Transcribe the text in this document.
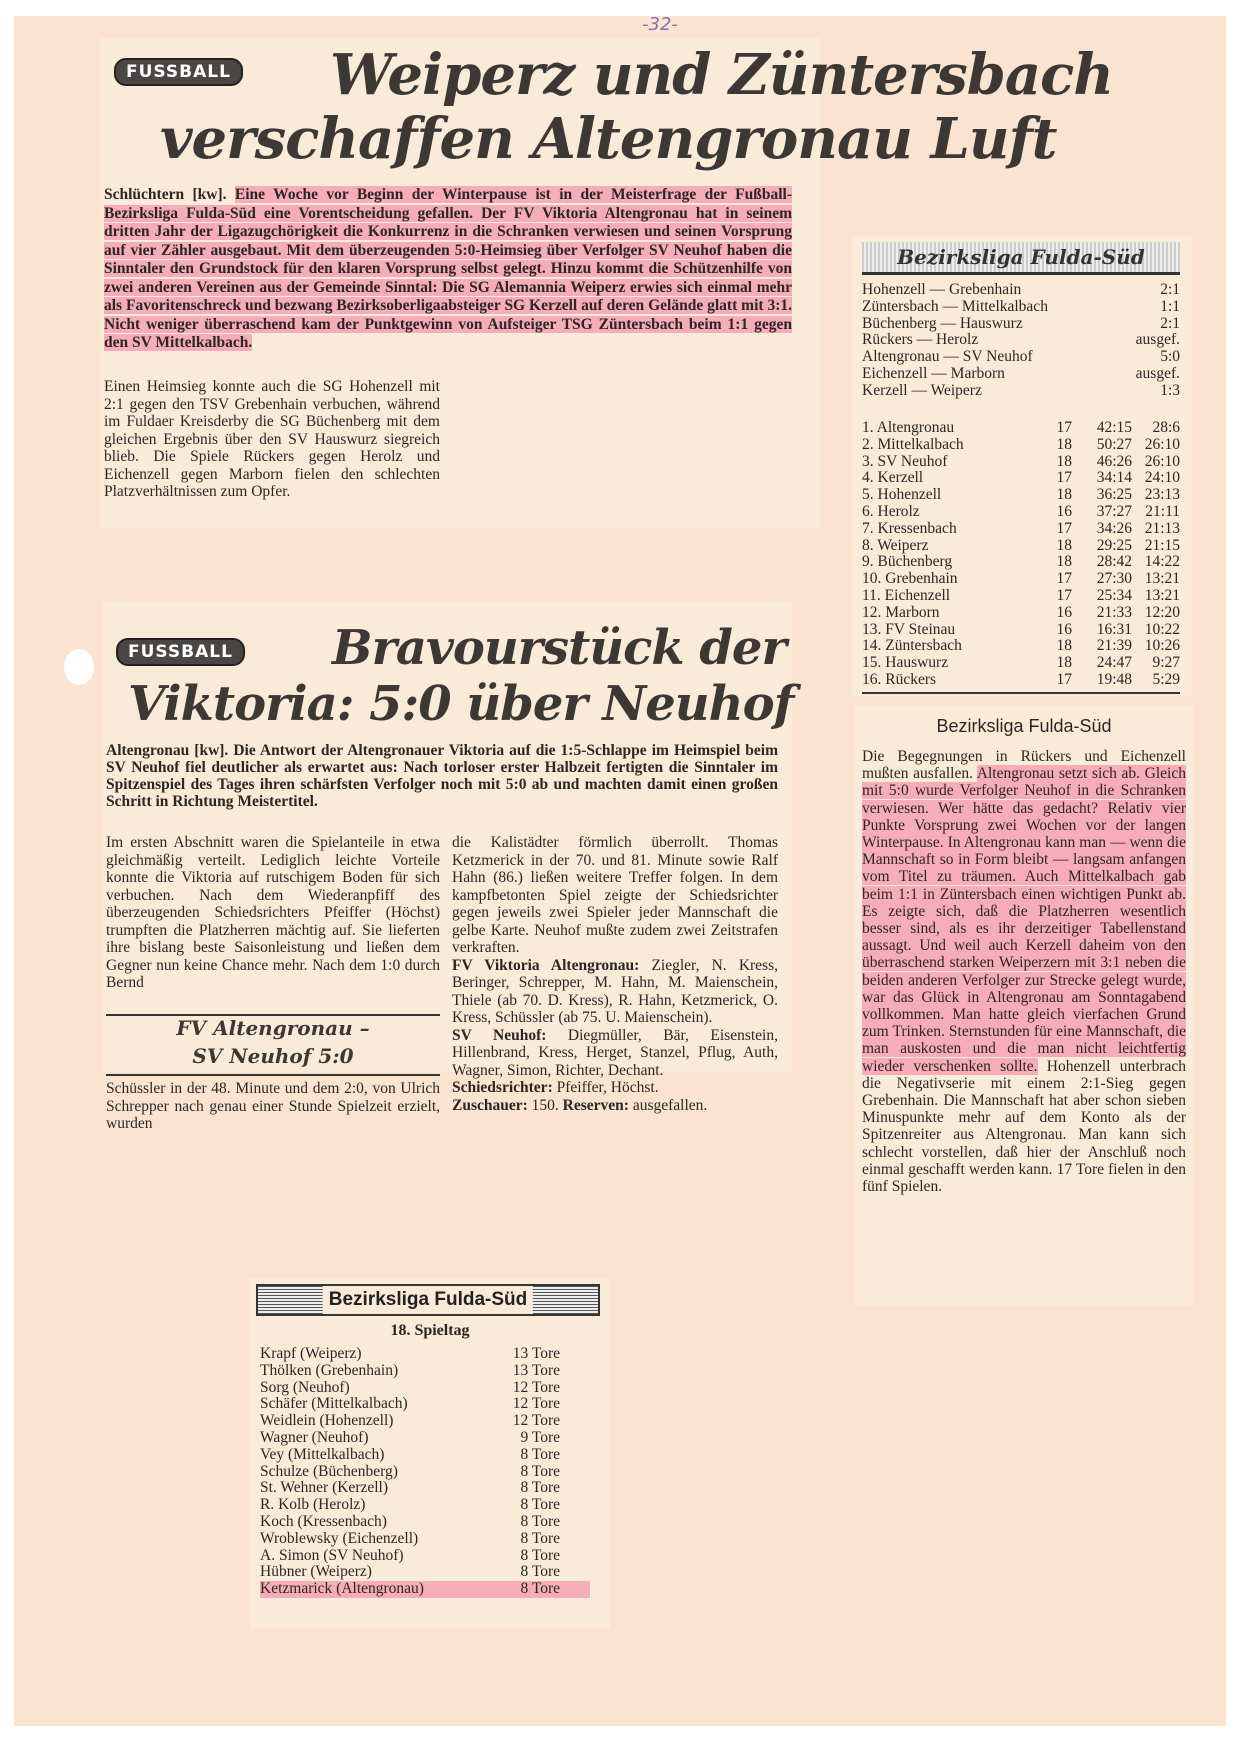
-32-
FUSSBALL Weiperz und Züntersbach
verschaffen Altengronau Luft
Schlüchtern [kw]. Eine Woche vor Beginn der Winterpause ist in der Meisterfrage der Fußball-Bezirksliga Fulda-Süd eine Vorentscheidung gefallen. Der FV Viktoria Altengronau hat in seinem dritten Jahr der Ligazugchörigkeit die Konkurrenz in die Schranken verwiesen und seinen Vorsprung auf vier Zähler ausgebaut. Mit dem überzeugenden 5:0-Heimsieg über Verfolger SV Neuhof haben die Sinntaler den Grundstock für den klaren Vorsprung selbst gelegt. Hinzu kommt die Schützenhilfe von zwei anderen Vereinen aus der Gemeinde Sinntal: Die SG Alemannia Weiperz erwies sich einmal mehr als Favoritenschreck und bezwang Bezirksoberligaabsteiger SG Kerzell auf deren Gelände glatt mit 3:1. Nicht weniger überraschend kam der Punktgewinn von Aufsteiger TSG Züntersbach beim 1:1 gegen den SV Mittelkalbach.
Einen Heimsieg konnte auch die SG Hohenzell mit 2:1 gegen den TSV Grebenhain verbuchen, während im Fuldaer Kreisderby die SG Büchenberg mit dem gleichen Ergebnis über den SV Hauswurz siegreich blieb. Die Spiele Rückers gegen Herolz und Eichenzell gegen Marborn fielen den schlechten Platzverhältnissen zum Opfer.
Bezirksliga Fulda-Süd
Hohenzell — Grebenhain	2:1
Züntersbach — Mittelkalbach	1:1
Büchenberg — Hauswurz	2:1
Rückers — Herolz	ausgef.
Altengronau — SV Neuhof	5:0
Eichenzell — Marborn	ausgef.
Kerzell — Weiperz	1:3
1. Altengronau	17	42:15	28:6
2. Mittelkalbach	18	50:27 26:10
3. SV Neuhof	18	46:26 26:10
4. Kerzell	17	34:14 24:10
5. Hohenzell	18	36:25 23:13
6. Herolz	16	37:27 21:11
7. Kressenbach	17	34:26 21:13
8. Weiperz	18	29:25 21:15
9. Büchenberg	18	28:42 14:22
10. Grebenhain	17	27:30 13:21
11. Eichenzell	17	25:34 13:21
12. Marborn	16	21:33 12:20
13. FV Steinau	16	16:31 10:22
14. Züntersbach	18	21:39 10:26
15. Hauswurz	18	24:47	9:27
16. Rückers	17	19:48	5:29
FUSSBALL Bravourstück der
Viktoria: 5:0 über Neuhof
Altengronau [kw]. Die Antwort der Altengronauer Viktoria auf die 1:5-Schlappe im Heimspiel beim SV Neuhof fiel deutlicher als erwartet aus: Nach torloser erster Halbzeit fertigten die Sinntaler im Spitzenspiel des Tages ihren schärfsten Verfolger noch mit 5:0 ab und machten damit einen großen Schritt in Richtung Meistertitel.
Im ersten Abschnitt waren die Spielanteile in etwa gleichmäßig verteilt. Lediglich leichte Vorteile konnte die Viktoria auf rutschigem Boden für sich verbuchen. Nach dem Wiederanpfiff des überzeugenden Schiedsrichters Pfeiffer (Höchst) trumpften die Platzherren mächtig auf. Sie lieferten ihre bislang beste Saisonleistung und ließen dem Gegner nun keine Chance mehr. Nach dem 1:0 durch Bernd
FV Altengronau –
SV Neuhof 5:0
Schüssler in der 48. Minute und dem 2:0, von Ulrich Schrepper nach genau einer Stunde Spielzeit erzielt, wurden
die Kalistädter förmlich überrollt. Thomas Ketzmerick in der 70. und 81. Minute sowie Ralf Hahn (86.) ließen weitere Treffer folgen. In dem kampfbetonten Spiel zeigte der Schiedsrichter gegen jeweils zwei Spieler jeder Mannschaft die gelbe Karte. Neuhof mußte zudem zwei Zeitstrafen verkraften.
FV Viktoria Altengronau: Ziegler, N. Kress, Beringer, Schrepper, M. Hahn, M. Maienschein, Thiele (ab 70. D. Kress), R. Hahn, Ketzmerick, O. Kress, Schüssler (ab 75. U. Maienschein).
SV Neuhof: Diegmüller, Bär, Eisenstein, Hillenbrand, Kress, Herget, Stanzel, Pflug, Auth, Wagner, Simon, Richter, Dechant.
Schiedsrichter: Pfeiffer, Höchst.
Zuschauer: 150. Reserven: ausgefallen.
Bezirksliga Fulda-Süd
Die Begegnungen in Rückers und Eichenzell mußten ausfallen. Altengronau setzt sich ab. Gleich mit 5:0 wurde Verfolger Neuhof in die Schranken verwiesen. Wer hätte das gedacht? Relativ vier Punkte Vorsprung zwei Wochen vor der langen Winterpause. In Altengronau kann man — wenn die Mannschaft so in Form bleibt — langsam anfangen vom Titel zu träumen. Auch Mittelkalbach gab beim 1:1 in Züntersbach einen wichtigen Punkt ab. Es zeigte sich, daß die Platzherren wesentlich besser sind, als es ihr derzeitiger Tabellenstand aussagt. Und weil auch Kerzell daheim von den überraschend starken Weiperzern mit 3:1 neben die beiden anderen Verfolger zur Strecke gelegt wurde, war das Glück in Altengronau am Sonntagabend vollkommen. Man hatte gleich vierfachen Grund zum Trinken. Sternstunden für eine Mannschaft, die man auskosten und die man nicht leichtfertig wieder verschenken sollte. Hohenzell unterbrach die Negativserie mit einem 2:1-Sieg gegen Grebenhain. Die Mannschaft hat aber schon sieben Minuspunkte mehr auf dem Konto als der Spitzenreiter aus Altengronau. Man kann sich schlecht vorstellen, daß hier der Anschluß noch einmal geschafft werden kann. 17 Tore fielen in den fünf Spielen.
Bezirksliga Fulda-Süd
18. Spieltag
Krapf (Weiperz)	13 Tore
Thölken (Grebenhain)	13 Tore
Sorg (Neuhof)	12 Tore
Schäfer (Mittelkalbach)	12 Tore
Weidlein (Hohenzell)	12 Tore
Wagner (Neuhof)	9 Tore
Vey (Mittelkalbach)	8 Tore
Schulze (Büchenberg)	8 Tore
St. Wehner (Kerzell)	8 Tore
R. Kolb (Herolz)	8 Tore
Koch (Kressenbach)	8 Tore
Wroblewsky (Eichenzell)	8 Tore
A. Simon (SV Neuhof)	8 Tore
Hübner (Weiperz)	8 Tore
Ketzmarick (Altengronau)	8 Tore
